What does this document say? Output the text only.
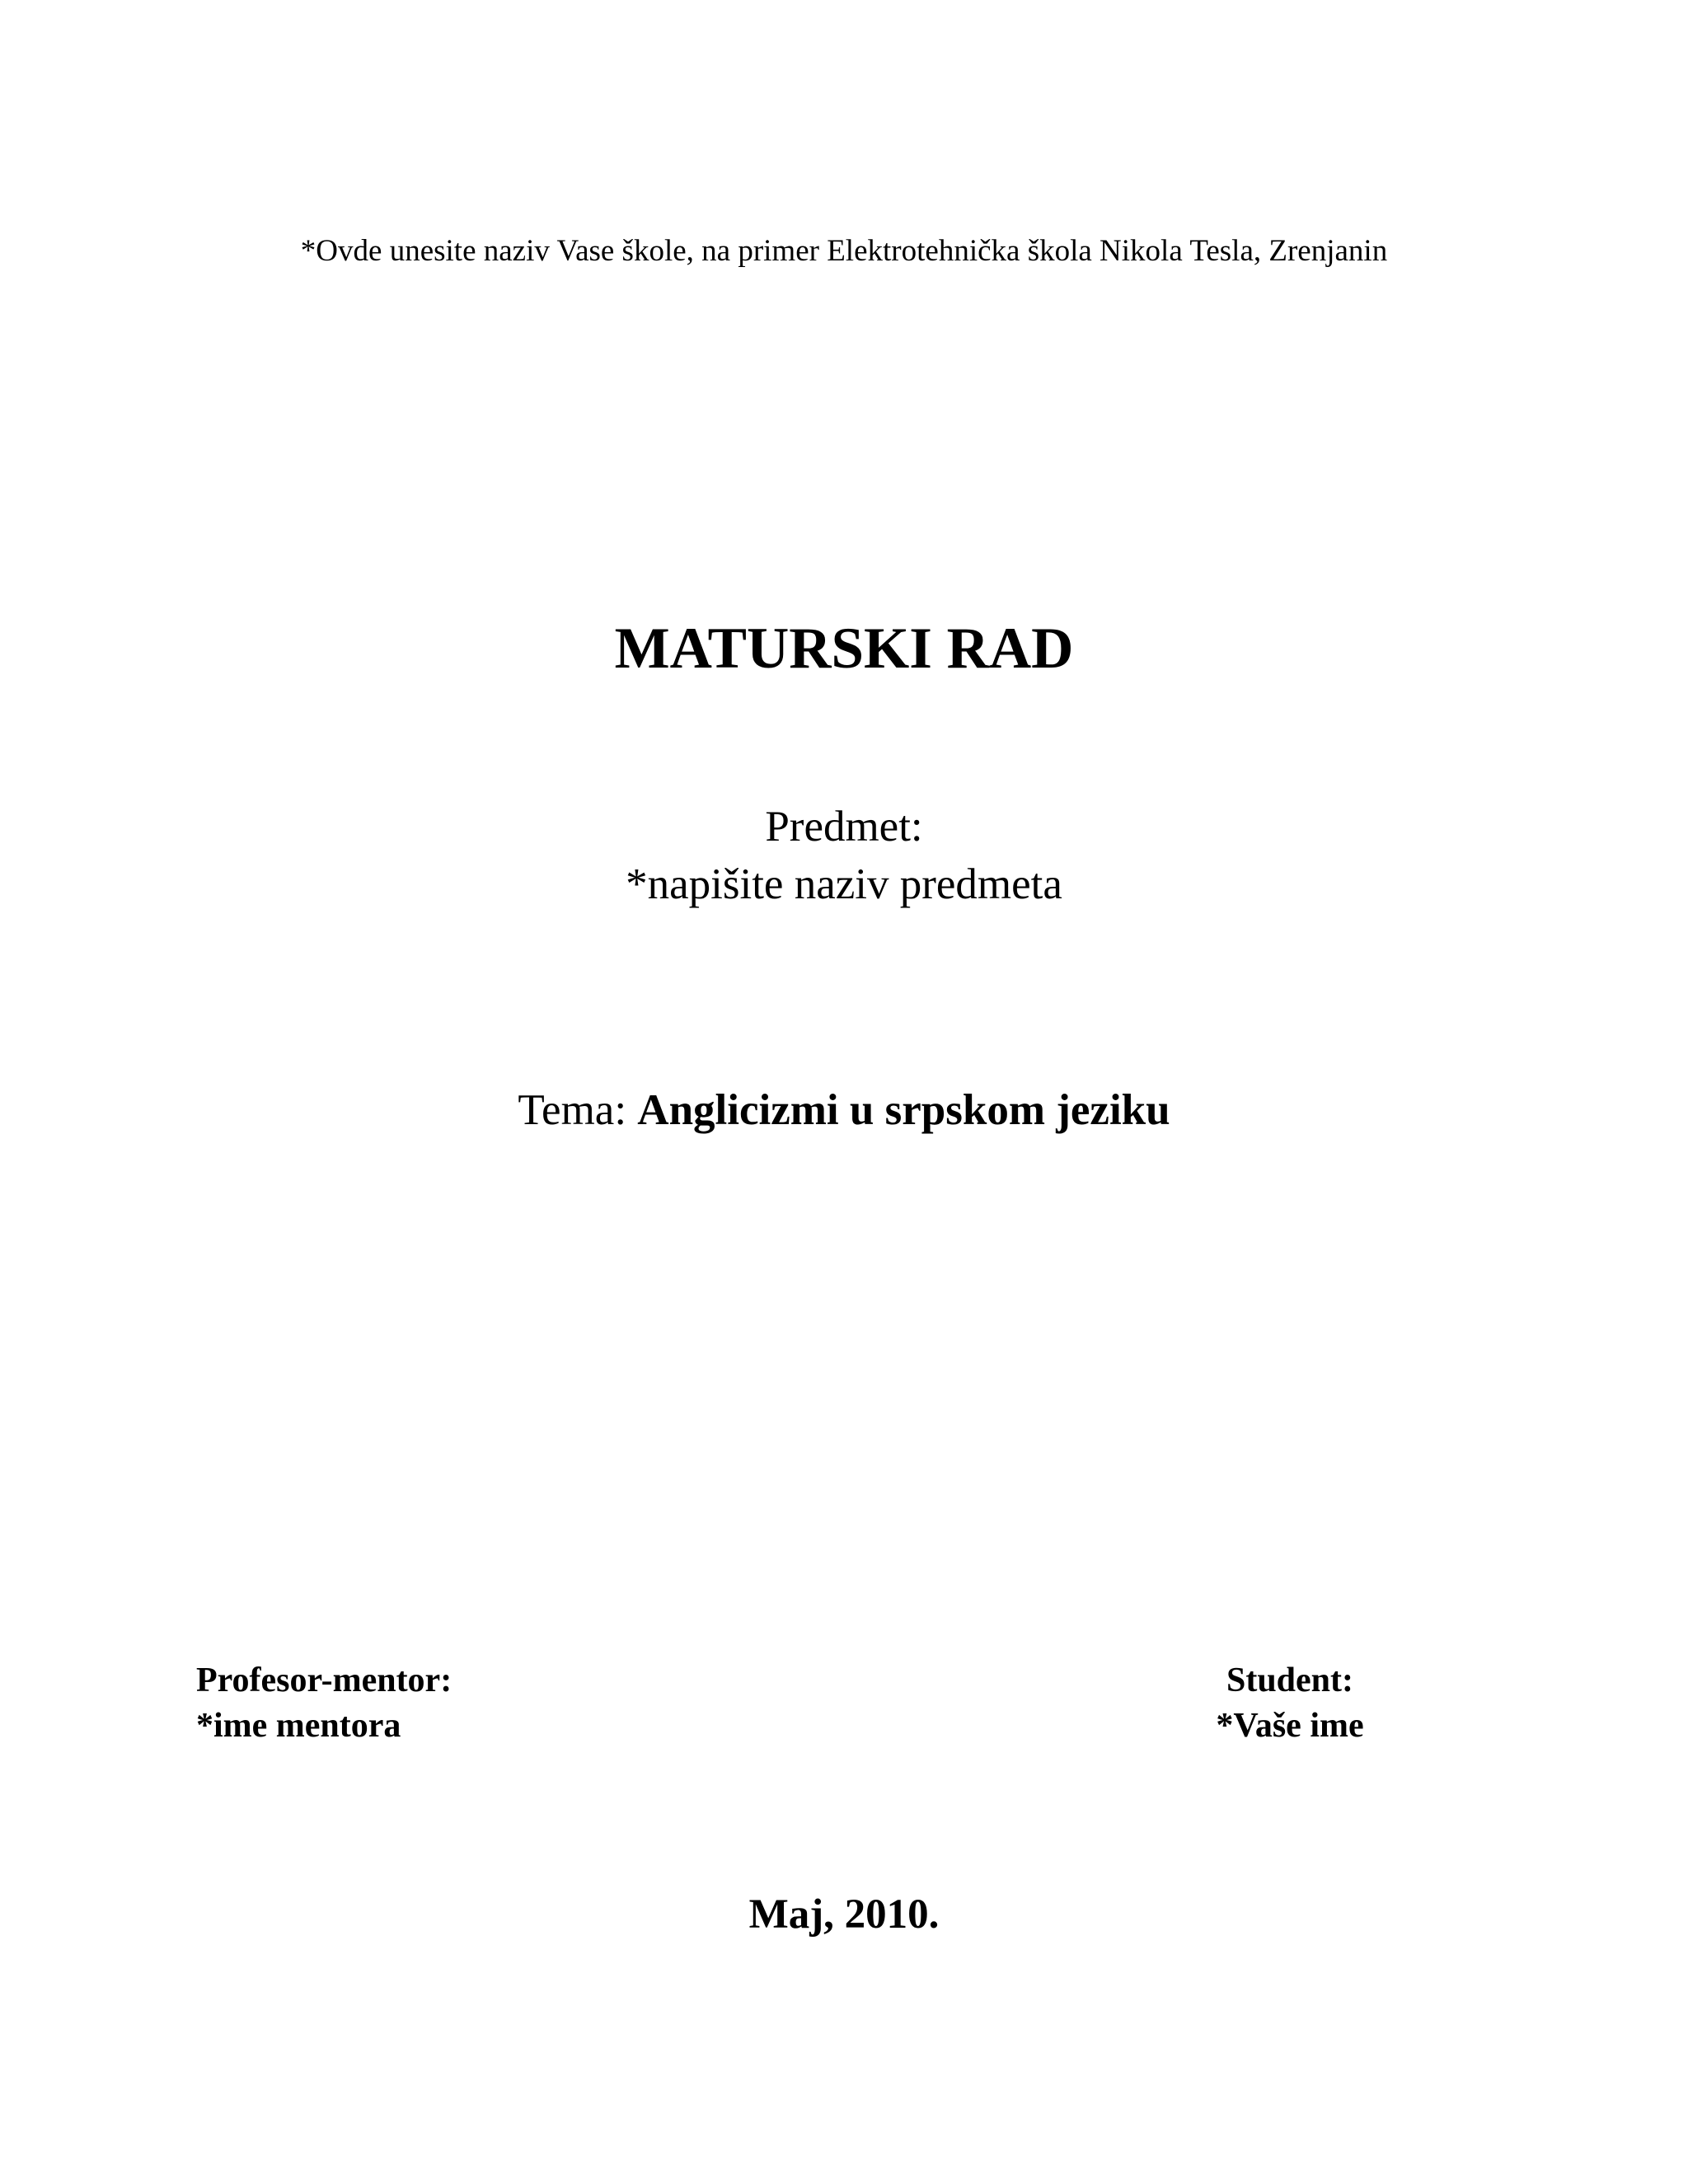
*Ovde unesite naziv Vase škole, na primer Elektrotehnička škola Nikola Tesla, Zrenjanin
MATURSKI RAD
Predmet:
*napišite naziv predmeta
Tema: Anglicizmi u srpskom jeziku
Profesor-mentor:
*ime mentora
Student:
*Vaše ime
Maj, 2010.
